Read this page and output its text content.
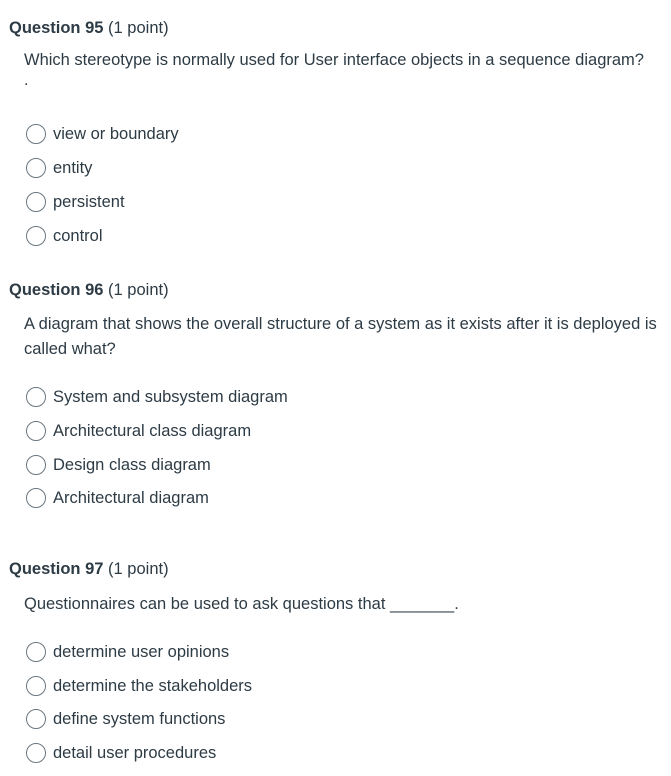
Question 95 (1 point)
Which stereotype is normally used for User interface objects in a sequence diagram?
.
view or boundary
entity
persistent
control
Question 96 (1 point)
A diagram that shows the overall structure of a system as it exists after it is deployed is called what?
System and subsystem diagram
Architectural class diagram
Design class diagram
Architectural diagram
Question 97 (1 point)
Questionnaires can be used to ask questions that _______.
determine user opinions
determine the stakeholders
define system functions
detail user procedures
